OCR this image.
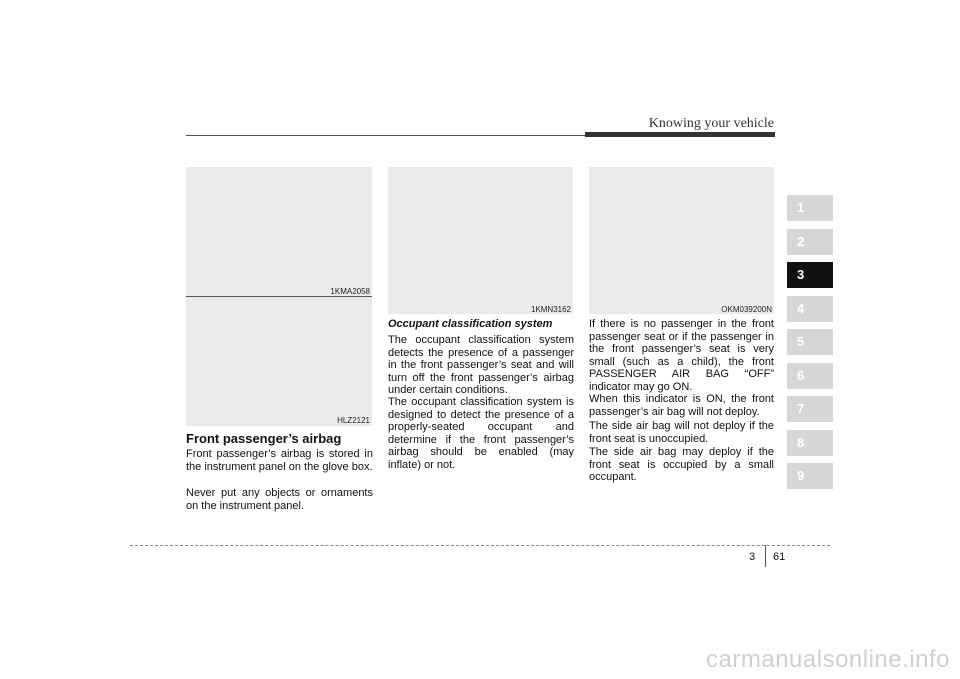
Knowing your vehicle
1KMA2058
HLZ2121
1KMN3162	OKM039200N
Front passenger’s airbag

Front passenger’s airbag is stored in the instrument panel on the glove box.

Never put any objects or ornaments on the instrument panel.

Occupant classification system

The occupant classification system detects the presence of a passenger in the front passenger’s seat and will turn off the front passenger’s airbag under certain conditions.

The occupant classification system is designed to detect the presence of a properly-seated occupant and determine if the front passenger’s airbag should be enabled (may inflate) or not.

If there is no passenger in the front passenger seat or if the passenger in the front passenger’s seat is very small (such as a child), the front PASSENGER AIR BAG “OFF” indicator may go ON.

When this indicator is ON, the front passenger’s air bag will not deploy.

The side air bag will not deploy if the front seat is unoccupied.

The side air bag may deploy if the front seat is occupied by a small occupant.

1
2
3
4
5
6
7
8
9
3 61
carmanualsonline.info
